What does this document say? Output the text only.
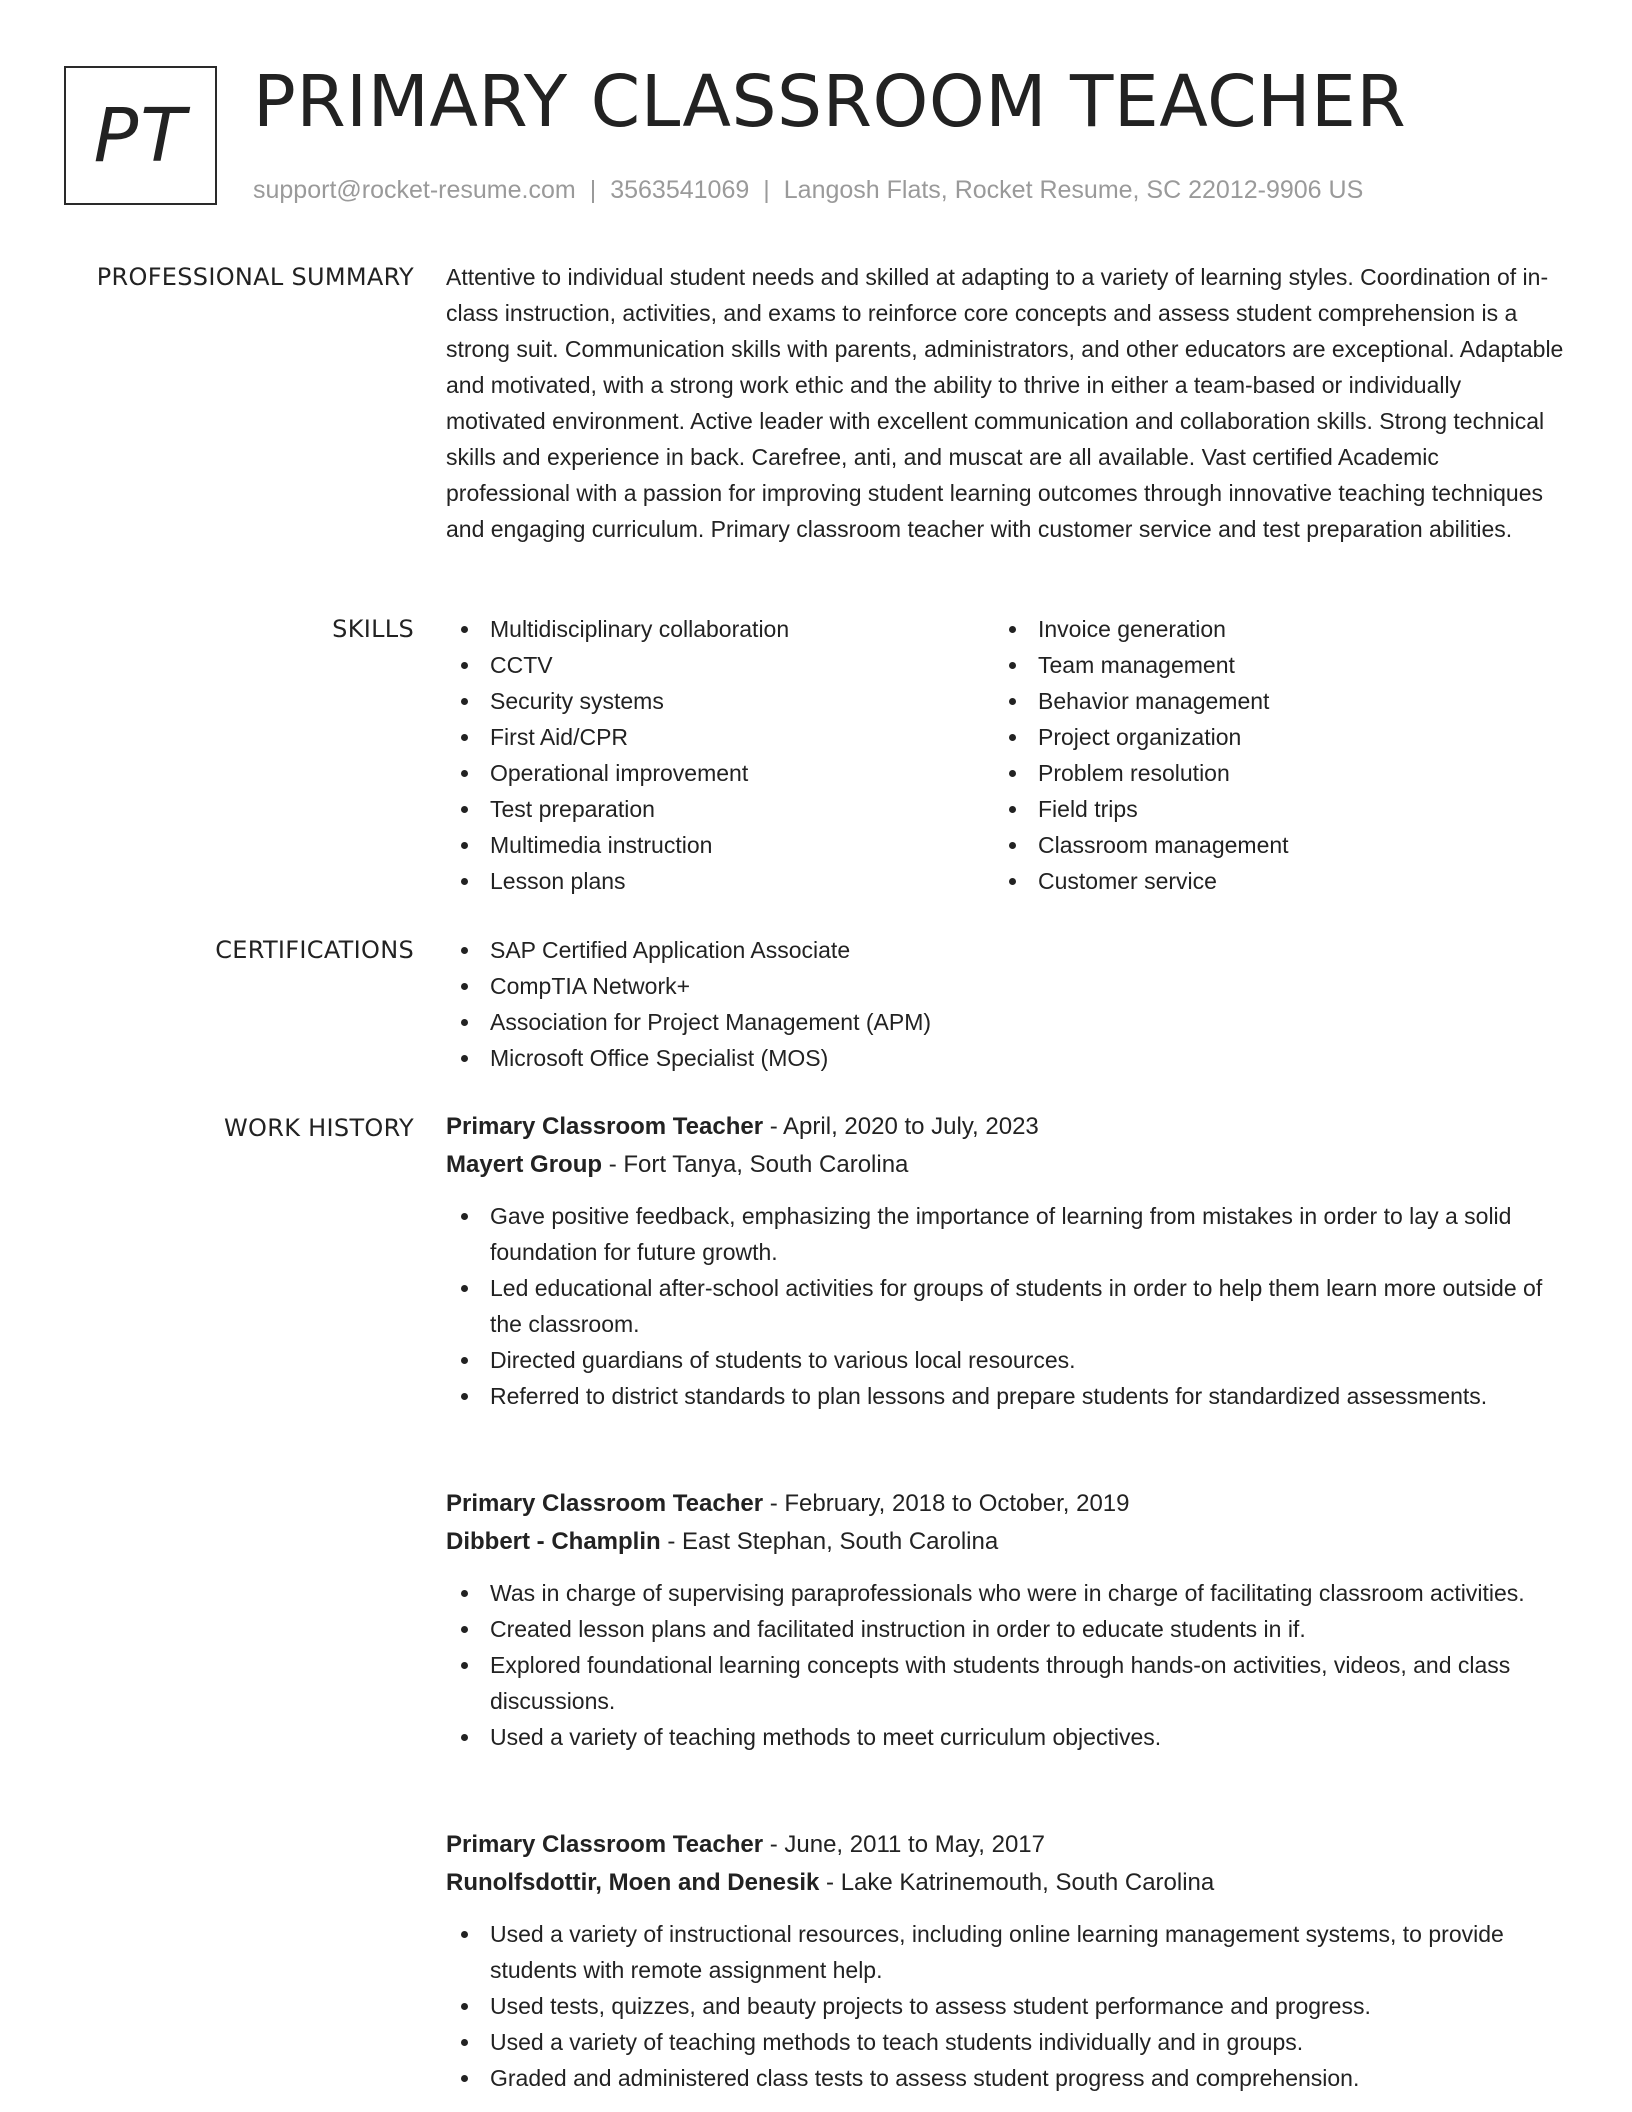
PT PRIMARY CLASSROOM TEACHER
support@rocket-resume.com | 3563541069 | Langosh Flats, Rocket Resume, SC 22012-9906 US
PROFESSIONAL SUMMARY Attentive to individual student needs and skilled at adapting to a variety of learning styles. Coordination of in-class instruction, activities, and exams to reinforce core concepts and assess student comprehension is a strong suit. Communication skills with parents, administrators, and other educators are exceptional. Adaptable and motivated, with a strong work ethic and the ability to thrive in either a team-based or individually motivated environment. Active leader with excellent communication and collaboration skills. Strong technical skills and experience in back. Carefree, anti, and muscat are all available. Vast certified Academic professional with a passion for improving student learning outcomes through innovative teaching techniques and engaging curriculum. Primary classroom teacher with customer service and test preparation abilities.

SKILLS	Multidisciplinary collaboration
CCTV
Security systems
First Aid/CPR
Operational improvement
Test preparation
Multimedia instruction
Lesson plans
Invoice generation
Team management
Behavior management
Project organization
Problem resolution
Field trips
Classroom management
Customer service
CERTIFICATIONS	SAP Certified Application Associate
CompTIA Network+
Association for Project Management (APM)
Microsoft Office Specialist (MOS)
WORK HISTORY Primary Classroom Teacher - April, 2020 to July, 2023
Mayert Group - Fort Tanya, South Carolina
Gave positive feedback, emphasizing the importance of learning from mistakes in order to lay a solid foundation for future growth.
Led educational after-school activities for groups of students in order to help them learn more outside of the classroom.
Directed guardians of students to various local resources.
Referred to district standards to plan lessons and prepare students for standardized assessments.
Primary Classroom Teacher - February, 2018 to October, 2019
Dibbert - Champlin - East Stephan, South Carolina
Was in charge of supervising paraprofessionals who were in charge of facilitating classroom activities.
Created lesson plans and facilitated instruction in order to educate students in if.
Explored foundational learning concepts with students through hands-on activities, videos, and class discussions.
Used a variety of teaching methods to meet curriculum objectives.
Primary Classroom Teacher - June, 2011 to May, 2017
Runolfsdottir, Moen and Denesik - Lake Katrinemouth, South Carolina
Used a variety of instructional resources, including online learning management systems, to provide students with remote assignment help.
Used tests, quizzes, and beauty projects to assess student performance and progress.
Used a variety of teaching methods to teach students individually and in groups.
Graded and administered class tests to assess student progress and comprehension.
